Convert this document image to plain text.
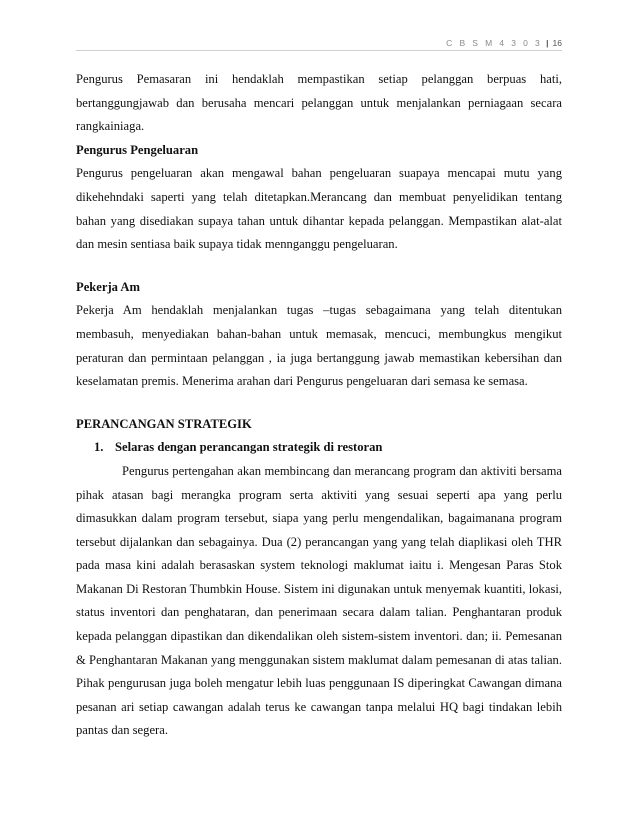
C B S M 4 3 0 3 | 16

Pengurus Pemasaran ini hendaklah mempastikan setiap pelanggan berpuas hati, bertanggungjawab dan berusaha mencari pelanggan untuk menjalankan perniagaan secara rangkainiaga.

Pengurus Pengeluaran

Pengurus pengeluaran akan mengawal bahan pengeluaran suapaya mencapai mutu yang dikehehndaki saperti yang telah ditetapkan.Merancang dan membuat penyelidikan tentang bahan yang disediakan supaya tahan untuk dihantar kepada pelanggan. Mempastikan alat-alat dan mesin sentiasa baik supaya tidak mennganggu pengeluaran.

Pekerja Am

Pekerja Am hendaklah menjalankan tugas –tugas sebagaimana yang telah ditentukan membasuh, menyediakan bahan-bahan untuk memasak, mencuci, membungkus mengikut peraturan dan permintaan pelanggan , ia juga bertanggung jawab memastikan kebersihan dan keselamatan premis. Menerima arahan dari Pengurus pengeluaran dari semasa ke semasa.

PERANCANGAN STRATEGIK

1. Selaras dengan perancangan strategik di restoran

Pengurus pertengahan akan membincang dan merancang program dan aktiviti bersama pihak atasan bagi merangka program serta aktiviti yang sesuai seperti apa yang perlu dimasukkan dalam program tersebut, siapa yang perlu mengendalikan, bagaimanana program tersebut dijalankan dan sebagainya. Dua (2) perancangan yang yang telah diaplikasi oleh THR pada masa kini adalah berasaskan system teknologi maklumat iaitu i. Mengesan Paras Stok Makanan Di Restoran Thumbkin House. Sistem ini digunakan untuk menyemak kuantiti, lokasi, status inventori dan penghataran, dan penerimaan secara dalam talian. Penghantaran produk kepada pelanggan dipastikan dan dikendalikan oleh sistem-sistem inventori. dan; ii. Pemesanan & Penghantaran Makanan yang menggunakan sistem maklumat dalam pemesanan di atas talian. Pihak pengurusan juga boleh mengatur lebih luas penggunaan IS diperingkat Cawangan dimana pesanan ari setiap cawangan adalah terus ke cawangan tanpa melalui HQ bagi tindakan lebih pantas dan segera.
